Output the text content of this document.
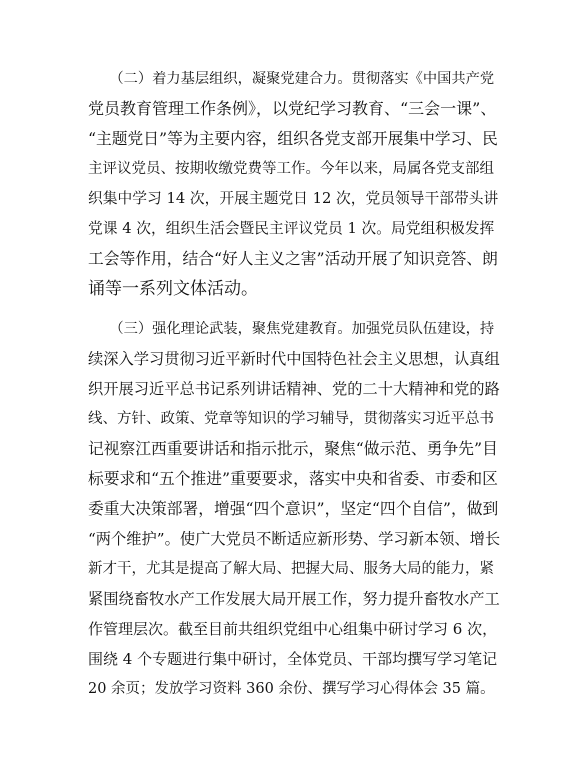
　　（二）着力基层组织，凝聚党建合力。贯彻落实《中国共产党
党员教育管理工作条例》，以党纪学习教育、“三会一课”、
“主题党日”等为主要内容，组织各党支部开展集中学习、民
主评议党员、按期收缴党费等工作。今年以来，局属各党支部组
织集中学习 14 次，开展主题党日 12 次，党员领导干部带头讲
党课 4 次，组织生活会暨民主评议党员 1 次。局党组积极发挥
工会等作用，结合“好人主义之害”活动开展了知识竞答、朗
诵等一系列文体活动。
　　（三）强化理论武装，聚焦党建教育。加强党员队伍建设，持
续深入学习贯彻习近平新时代中国特色社会主义思想，认真组
织开展习近平总书记系列讲话精神、党的二十大精神和党的路
线、方针、政策、党章等知识的学习辅导，贯彻落实习近平总书
记视察江西重要讲话和指示批示，聚焦“做示范、勇争先”目
标要求和“五个推进”重要要求，落实中央和省委、市委和区
委重大决策部署，增强“四个意识”，坚定“四个自信”，做到
“两个维护”。使广大党员不断适应新形势、学习新本领、增长
新才干，尤其是提高了解大局、把握大局、服务大局的能力，紧
紧围绕畜牧水产工作发展大局开展工作，努力提升畜牧水产工
作管理层次。截至目前共组织党组中心组集中研讨学习 6 次，
围绕 4 个专题进行集中研讨，全体党员、干部均撰写学习笔记
20 余页；发放学习资料 360 余份、撰写学习心得体会 35 篇。
